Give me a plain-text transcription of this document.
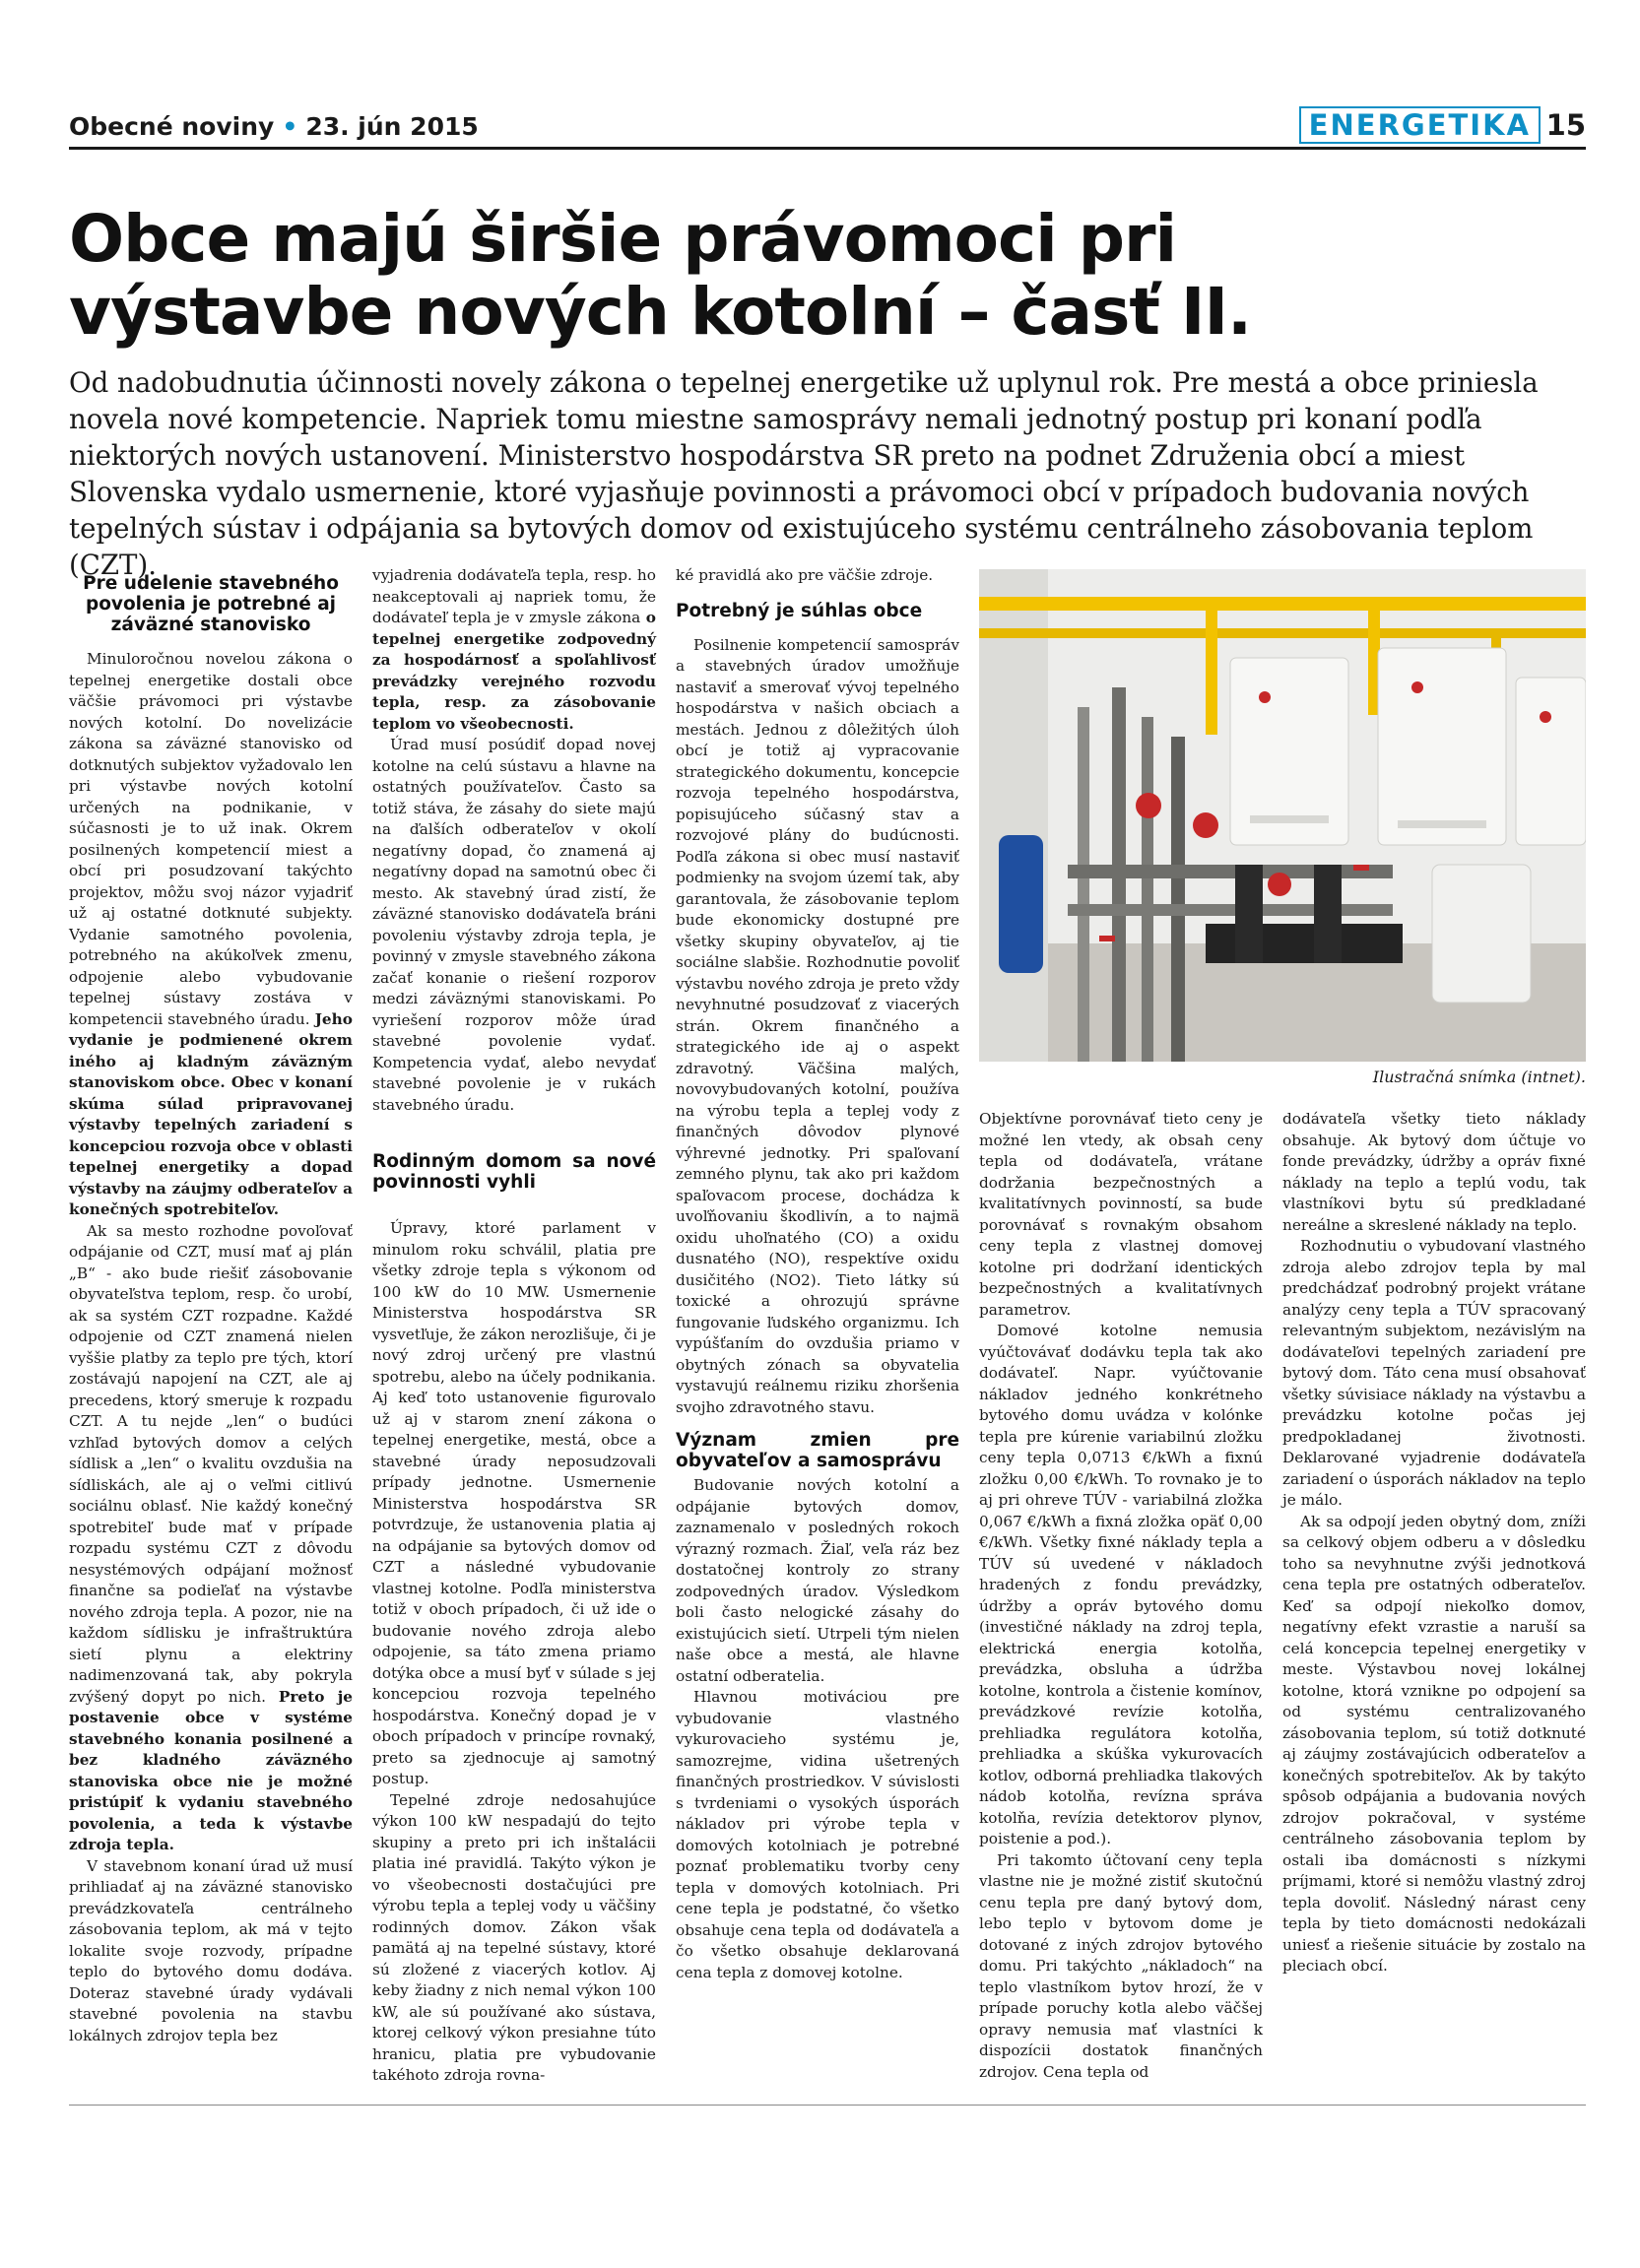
Obecné noviny • 23. jún 2015	ENERGETIKA 15
Obce majú širšie právomoci pri
výstavbe nových kotolní – časť II.

Od nadobudnutia účinnosti novely zákona o tepelnej energetike už uplynul rok. Pre mestá a obce priniesla novela nové kompetencie. Napriek tomu miestne samosprávy nemali jednotný postup pri konaní podľa niektorých nových ustanovení. Ministerstvo hospodárstva SR preto na podnet Združenia obcí a miest Slovenska vydalo usmernenie, ktoré vyjasňuje povinnosti a právomoci obcí v prípadoch budovania nových tepelných sústav i odpájania sa bytových domov od existujúceho systému centrálneho zásobovania teplom (CZT).

Pre udelenie stavebného povolenia je potrebné aj záväzné stanovisko

Minuloročnou novelou zákona o tepelnej energetike dostali obce väčšie právomoci pri výstavbe nových kotolní. Do novelizácie zákona sa záväzné stanovisko od dotknutých subjektov vyžadovalo len pri výstavbe nových kotolní určených na podnikanie, v súčasnosti je to už inak. Okrem posilnených kompetencií miest a obcí pri posudzovaní takýchto projektov, môžu svoj názor vyjadriť už aj ostatné dotknuté subjekty. Vydanie samotného povolenia, potrebného na akúkoľvek zmenu, odpojenie alebo vybudovanie tepelnej sústavy zostáva v kompetencii stavebného úradu. Jeho vydanie je podmienené okrem iného aj kladným záväzným stanoviskom obce. Obec v konaní skúma súlad pripravovanej výstavby tepelných zariadení s koncepciou rozvoja obce v oblasti tepelnej energetiky a dopad výstavby na záujmy odberateľov a konečných spotrebiteľov.

Ak sa mesto rozhodne povoľovať odpájanie od CZT, musí mať aj plán „B“ - ako bude riešiť zásobovanie obyvateľstva teplom, resp. čo urobí, ak sa systém CZT rozpadne. Každé odpojenie od CZT znamená nielen vyššie platby za teplo pre tých, ktorí zostávajú napojení na CZT, ale aj precedens, ktorý smeruje k rozpadu CZT. A tu nejde „len“ o budúci vzhľad bytových domov a celých sídlisk a „len“ o kvalitu ovzdušia na sídliskách, ale aj o veľmi citlivú sociálnu oblasť. Nie každý konečný spotrebiteľ bude mať v prípade rozpadu systému CZT z dôvodu nesystémových odpájaní možnosť finančne sa podieľať na výstavbe nového zdroja tepla. A pozor, nie na každom sídlisku je infraštruktúra sietí plynu a elektriny nadimenzovaná tak, aby pokryla zvýšený dopyt po nich. Preto je postavenie obce v systéme stavebného konania posilnené a bez kladného záväzného stanoviska obce nie je možné pristúpiť k vydaniu stavebného povolenia, a teda k výstavbe zdroja tepla.

V stavebnom konaní úrad už musí prihliadať aj na záväzné stanovisko prevádzkovateľa centrálneho zásobovania teplom, ak má v tejto lokalite svoje rozvody, prípadne teplo do bytového domu dodáva. Doteraz stavebné úrady vydávali stavebné povolenia na stavbu lokálnych zdrojov tepla bez

vyjadrenia dodávateľa tepla, resp. ho neakceptovali aj napriek tomu, že dodávateľ tepla je v zmysle zákona o tepelnej energetike zodpovedný za hospodárnosť a spoľahlivosť prevádzky verejného rozvodu tepla, resp. za zásobovanie teplom vo všeobecnosti.

Úrad musí posúdiť dopad novej kotolne na celú sústavu a hlavne na ostatných používateľov. Často sa totiž stáva, že zásahy do siete majú na ďalších odberateľov v okolí negatívny dopad, čo znamená aj negatívny dopad na samotnú obec či mesto. Ak stavebný úrad zistí, že záväzné stanovisko dodávateľa bráni povoleniu výstavby zdroja tepla, je povinný v zmysle stavebného zákona začať konanie o riešení rozporov medzi záväznými stanoviskami. Po vyriešení rozporov môže úrad stavebné povolenie vydať. Kompetencia vydať, alebo nevydať stavebné povolenie je v rukách stavebného úradu.

Rodinným domom sa nové povinnosti vyhli

Úpravy, ktoré parlament v minulom roku schválil, platia pre všetky zdroje tepla s výkonom od 100 kW do 10 MW. Usmernenie Ministerstva hospodárstva SR vysvetľuje, že zákon nerozlišuje, či je nový zdroj určený pre vlastnú spotrebu, alebo na účely podnikania. Aj keď toto ustanovenie figurovalo už aj v starom znení zákona o tepelnej energetike, mestá, obce a stavebné úrady neposudzovali prípady jednotne. Usmernenie Ministerstva hospodárstva SR potvrdzuje, že ustanovenia platia aj na odpájanie sa bytových domov od CZT a následné vybudovanie vlastnej kotolne. Podľa ministerstva totiž v oboch prípadoch, či už ide o budovanie nového zdroja alebo odpojenie, sa táto zmena priamo dotýka obce a musí byť v súlade s jej koncepciou rozvoja tepelného hospodárstva. Konečný dopad je v oboch prípadoch v princípe rovnaký, preto sa zjednocuje aj samotný postup.

Tepelné zdroje nedosahujúce výkon 100 kW nespadajú do tejto skupiny a preto pri ich inštalácii platia iné pravidlá. Takýto výkon je vo všeobecnosti dostačujúci pre výrobu tepla a teplej vody u väčšiny rodinných domov. Zákon však pamätá aj na tepelné sústavy, ktoré sú zložené z viacerých kotlov. Aj keby žiadny z nich nemal výkon 100 kW, ale sú používané ako sústava, ktorej celkový výkon presiahne túto hranicu, platia pre vybudovanie takéhoto zdroja rovna-

ké pravidlá ako pre väčšie zdroje.

Potrebný je súhlas obce

Posilnenie kompetencií samospráv a stavebných úradov umožňuje nastaviť a smerovať vývoj tepelného hospodárstva v našich obciach a mestách. Jednou z dôležitých úloh obcí je totiž aj vypracovanie strategického dokumentu, koncepcie rozvoja tepelného hospodárstva, popisujúceho súčasný stav a rozvojové plány do budúcnosti. Podľa zákona si obec musí nastaviť podmienky na svojom území tak, aby garantovala, že zásobovanie teplom bude ekonomicky dostupné pre všetky skupiny obyvateľov, aj tie sociálne slabšie. Rozhodnutie povoliť výstavbu nového zdroja je preto vždy nevyhnutné posudzovať z viacerých strán. Okrem finančného a strategického ide aj o aspekt zdravotný. Väčšina malých, novovybudovaných kotolní, používa na výrobu tepla a teplej vody z finančných dôvodov plynové výhrevné jednotky. Pri spaľovaní zemného plynu, tak ako pri každom spaľovacom procese, dochádza k uvoľňovaniu škodlivín, a to najmä oxidu uhoľnatého (CO) a oxidu dusnatého (NO), respektíve oxidu dusičitého (NO2). Tieto látky sú toxické a ohrozujú správne fungovanie ľudského organizmu. Ich vypúšťaním do ovzdušia priamo v obytných zónach sa obyvatelia vystavujú reálnemu riziku zhoršenia svojho zdravotného stavu.

Význam zmien pre obyvateľov a samosprávu

Budovanie nových kotolní a odpájanie bytových domov, zaznamenalo v posledných rokoch výrazný rozmach. Žiaľ, veľa ráz bez dostatočnej kontroly zo strany zodpovedných úradov. Výsledkom boli často nelogické zásahy do existujúcich sietí. Utrpeli tým nielen naše obce a mestá, ale hlavne ostatní odberatelia.

Hlavnou motiváciou pre vybudovanie vlastného vykurovacieho systému je, samozrejme, vidina ušetrených finančných prostriedkov. V súvislosti s tvrdeniami o vysokých úsporách nákladov pri výrobe tepla v domových kotolniach je potrebné poznať problematiku tvorby ceny tepla v domových kotolniach. Pri cene tepla je podstatné, čo všetko obsahuje cena tepla od dodávateľa a čo všetko obsahuje deklarovaná cena tepla z domovej kotolne.

Ilustračná snímka (intnet).

Objektívne porovnávať tieto ceny je možné len vtedy, ak obsah ceny tepla od dodávateľa, vrátane dodržania bezpečnostných a kvalitatívnych povinností, sa bude porovnávať s rovnakým obsahom ceny tepla z vlastnej domovej kotolne pri dodržaní identických bezpečnostných a kvalitatívnych parametrov.

Domové kotolne nemusia vyúčtovávať dodávku tepla tak ako dodávateľ. Napr. vyúčtovanie nákladov jedného konkrétneho bytového domu uvádza v kolónke tepla pre kúrenie variabilnú zložku ceny tepla 0,0713 €/kWh a fixnú zložku 0,00 €/kWh. To rovnako je to aj pri ohreve TÚV - variabilná zložka 0,067 €/kWh a fixná zložka opäť 0,00 €/kWh. Všetky fixné náklady tepla a TÚV sú uvedené v nákladoch hradených z fondu prevádzky, údržby a opráv bytového domu (investičné náklady na zdroj tepla, elektrická energia kotolňa, prevádzka, obsluha a údržba kotolne, kontrola a čistenie komínov, prevádzkové revízie kotolňa, prehliadka regulátora kotolňa, prehliadka a skúška vykurovacích kotlov, odborná prehliadka tlakových nádob kotolňa, revízna správa kotolňa, revízia detektorov plynov, poistenie a pod.).

Pri takomto účtovaní ceny tepla vlastne nie je možné zistiť skutočnú cenu tepla pre daný bytový dom, lebo teplo v bytovom dome je dotované z iných zdrojov bytového domu. Pri takýchto „nákladoch“ na teplo vlastníkom bytov hrozí, že v prípade poruchy kotla alebo väčšej opravy nemusia mať vlastníci k dispozícii dostatok finančných zdrojov. Cena tepla od

dodávateľa všetky tieto náklady obsahuje. Ak bytový dom účtuje vo fonde prevádzky, údržby a opráv fixné náklady na teplo a teplú vodu, tak vlastníkovi bytu sú predkladané nereálne a skreslené náklady na teplo.

Rozhodnutiu o vybudovaní vlastného zdroja alebo zdrojov tepla by mal predchádzať podrobný projekt vrátane analýzy ceny tepla a TÚV spracovaný relevantným subjektom, nezávislým na dodávateľovi tepelných zariadení pre bytový dom. Táto cena musí obsahovať všetky súvisiace náklady na výstavbu a prevádzku kotolne počas jej predpokladanej životnosti. Deklarované vyjadrenie dodávateľa zariadení o úsporách nákladov na teplo je málo.

Ak sa odpojí jeden obytný dom, zníži sa celkový objem odberu a v dôsledku toho sa nevyhnutne zvýši jednotková cena tepla pre ostatných odberateľov. Keď sa odpojí niekoľko domov, negatívny efekt vzrastie a naruší sa celá koncepcia tepelnej energetiky v meste. Výstavbou novej lokálnej kotolne, ktorá vznikne po odpojení sa od systému centralizovaného zásobovania teplom, sú totiž dotknuté aj záujmy zostávajúcich odberateľov a konečných spotrebiteľov. Ak by takýto spôsob odpájania a budovania nových zdrojov pokračoval, v systéme centrálneho zásobovania teplom by ostali iba domácnosti s nízkymi príjmami, ktoré si nemôžu vlastný zdroj tepla dovoliť. Následný nárast ceny tepla by tieto domácnosti nedokázali uniesť a riešenie situácie by zostalo na pleciach obcí.
